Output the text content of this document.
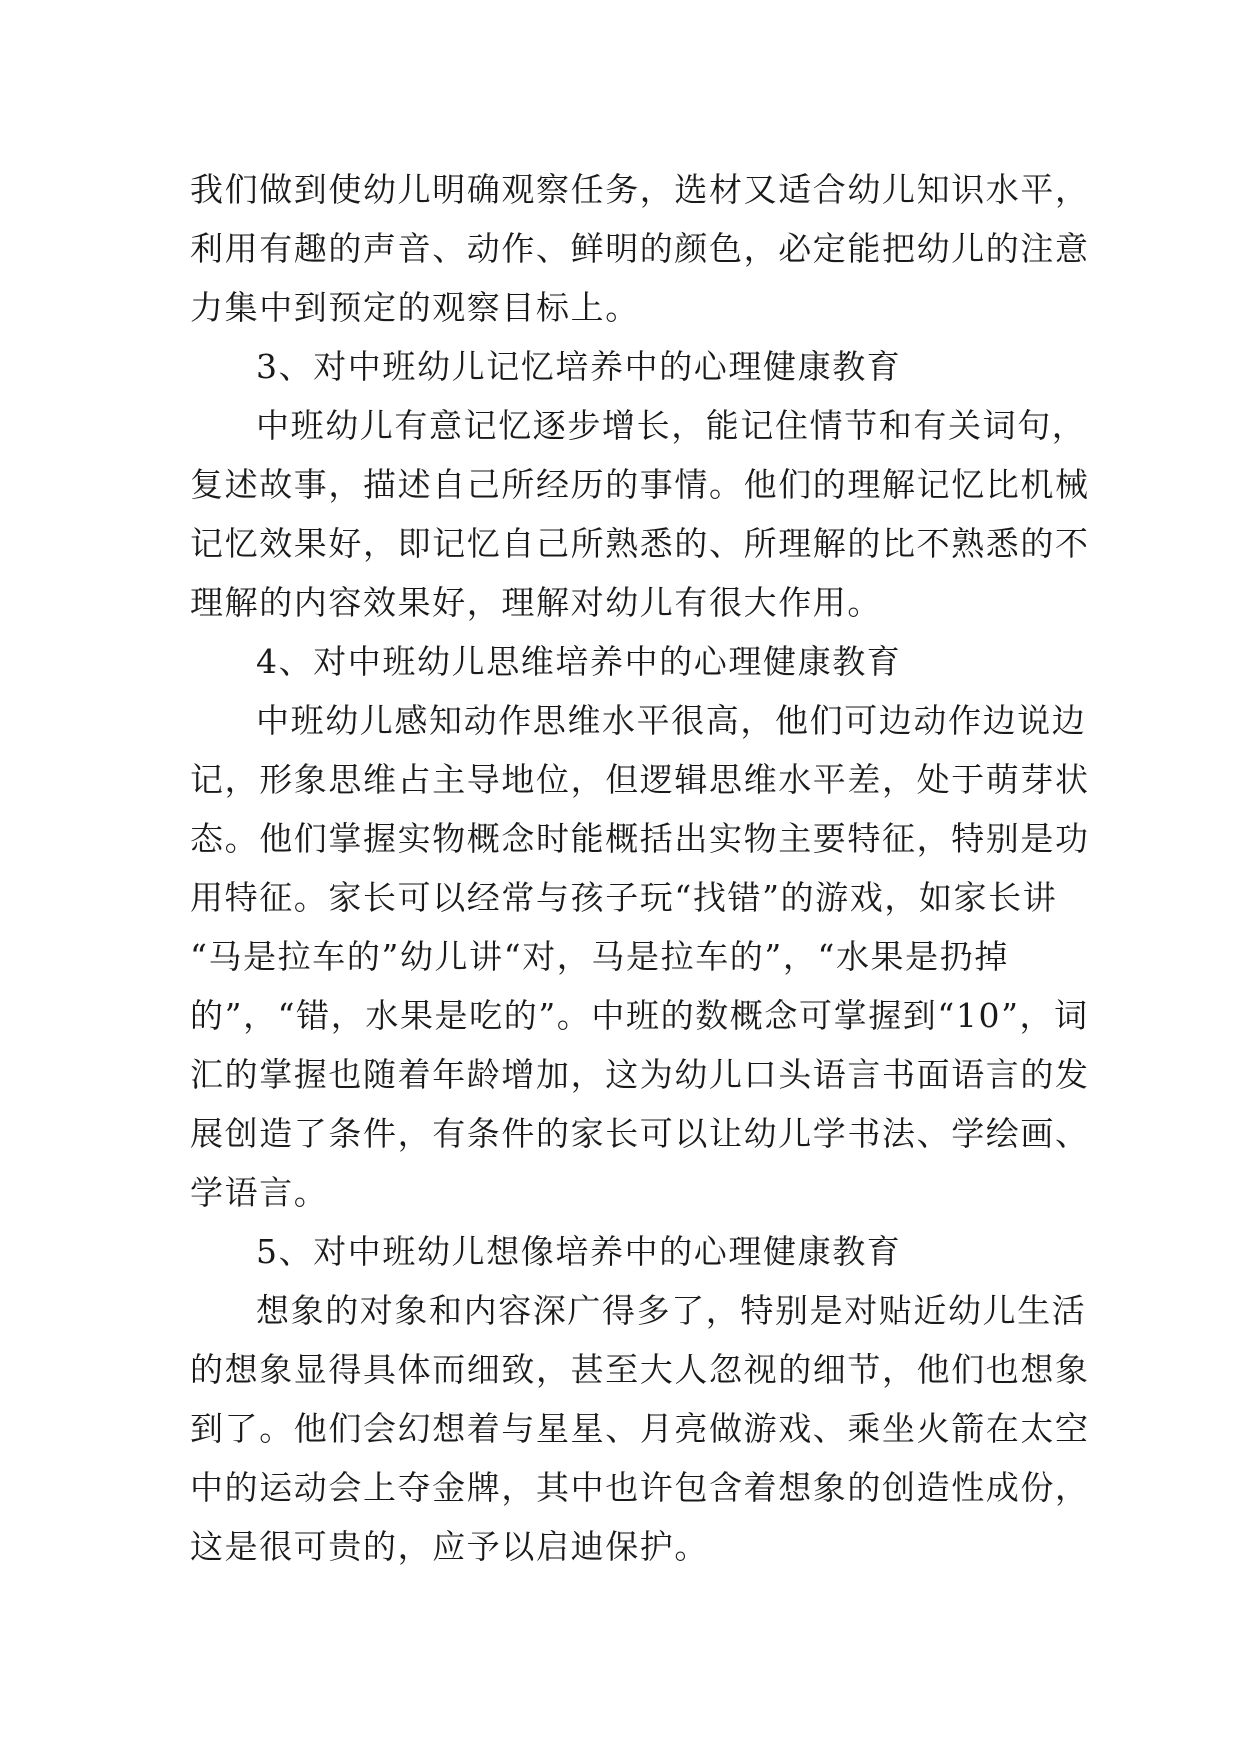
我们做到使幼儿明确观察任务，选材又适合幼儿知识水平，
利用有趣的声音、动作、鲜明的颜色，必定能把幼儿的注意
力集中到预定的观察目标上。

3、对中班幼儿记忆培养中的心理健康教育

中班幼儿有意记忆逐步增长，能记住情节和有关词句，
复述故事，描述自己所经历的事情。他们的理解记忆比机械
记忆效果好，即记忆自己所熟悉的、所理解的比不熟悉的不
理解的内容效果好，理解对幼儿有很大作用。

4、对中班幼儿思维培养中的心理健康教育

中班幼儿感知动作思维水平很高，他们可边动作边说边
记，形象思维占主导地位，但逻辑思维水平差，处于萌芽状
态。他们掌握实物概念时能概括出实物主要特征，特别是功
用特征。家长可以经常与孩子玩“找错”的游戏，如家长讲
“马是拉车的”幼儿讲“对，马是拉车的”，“水果是扔掉
的”，“错，水果是吃的”。中班的数概念可掌握到“10”，词
汇的掌握也随着年龄增加，这为幼儿口头语言书面语言的发
展创造了条件，有条件的家长可以让幼儿学书法、学绘画、
学语言。

5、对中班幼儿想像培养中的心理健康教育

想象的对象和内容深广得多了，特别是对贴近幼儿生活
的想象显得具体而细致，甚至大人忽视的细节，他们也想象
到了。他们会幻想着与星星、月亮做游戏、乘坐火箭在太空
中的运动会上夺金牌，其中也许包含着想象的创造性成份，
这是很可贵的，应予以启迪保护。
